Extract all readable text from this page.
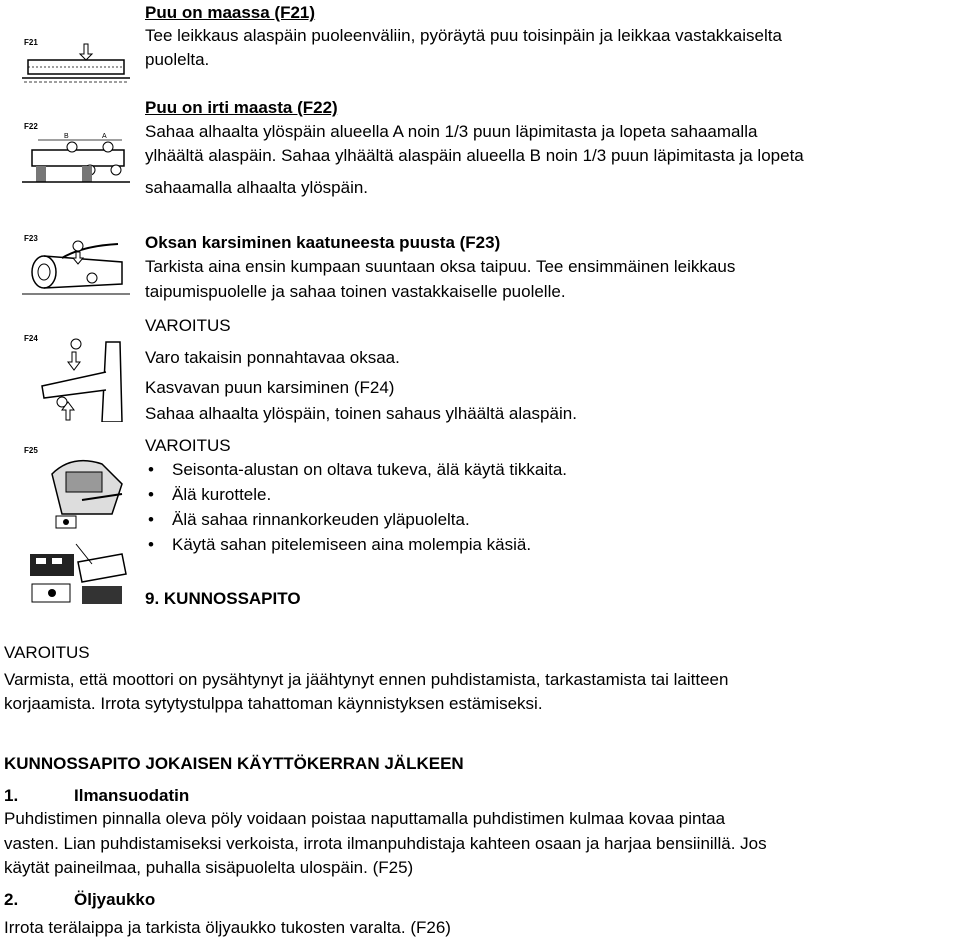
F21
F22
B	A
F23
F24
F25
Puu on maassa (F21)
Tee leikkaus alaspäin puoleenväliin, pyöräytä puu toisinpäin ja leikkaa vastakkaiselta
puolelta.
Puu on irti maasta (F22)
Sahaa alhaalta ylöspäin alueella A noin 1/3 puun läpimitasta ja lopeta sahaamalla
ylhäältä alaspäin. Sahaa ylhäältä alaspäin alueella B noin 1/3 puun läpimitasta ja lopeta
sahaamalla alhaalta ylöspäin.
Oksan karsiminen kaatuneesta puusta (F23)
Tarkista aina ensin kumpaan suuntaan oksa taipuu. Tee ensimmäinen leikkaus
taipumispuolelle ja sahaa toinen vastakkaiselle puolelle.
VAROITUS
Varo takaisin ponnahtavaa oksaa.
Kasvavan puun karsiminen (F24)
Sahaa alhaalta ylöspäin, toinen sahaus ylhäältä alaspäin.
VAROITUS
• Seisonta-alustan on oltava tukeva, älä käytä tikkaita.
• Älä kurottele.
• Älä sahaa rinnankorkeuden yläpuolelta.
• Käytä sahan pitelemiseen aina molempia käsiä.
9. KUNNOSSAPITO
VAROITUS
Varmista, että moottori on pysähtynyt ja jäähtynyt ennen puhdistamista, tarkastamista tai laitteen
korjaamista. Irrota sytytystulppa tahattoman käynnistyksen estämiseksi.
KUNNOSSAPITO JOKAISEN KÄYTTÖKERRAN JÄLKEEN
1.	Ilmansuodatin
Puhdistimen pinnalla oleva pöly voidaan poistaa naputtamalla puhdistimen kulmaa kovaa pintaa
vasten. Lian puhdistamiseksi verkoista, irrota ilmanpuhdistaja kahteen osaan ja harjaa bensiinillä. Jos
käytät paineilmaa, puhalla sisäpuolelta ulospäin. (F25)
2.	Öljyaukko
Irrota terälaippa ja tarkista öljyaukko tukosten varalta. (F26)
